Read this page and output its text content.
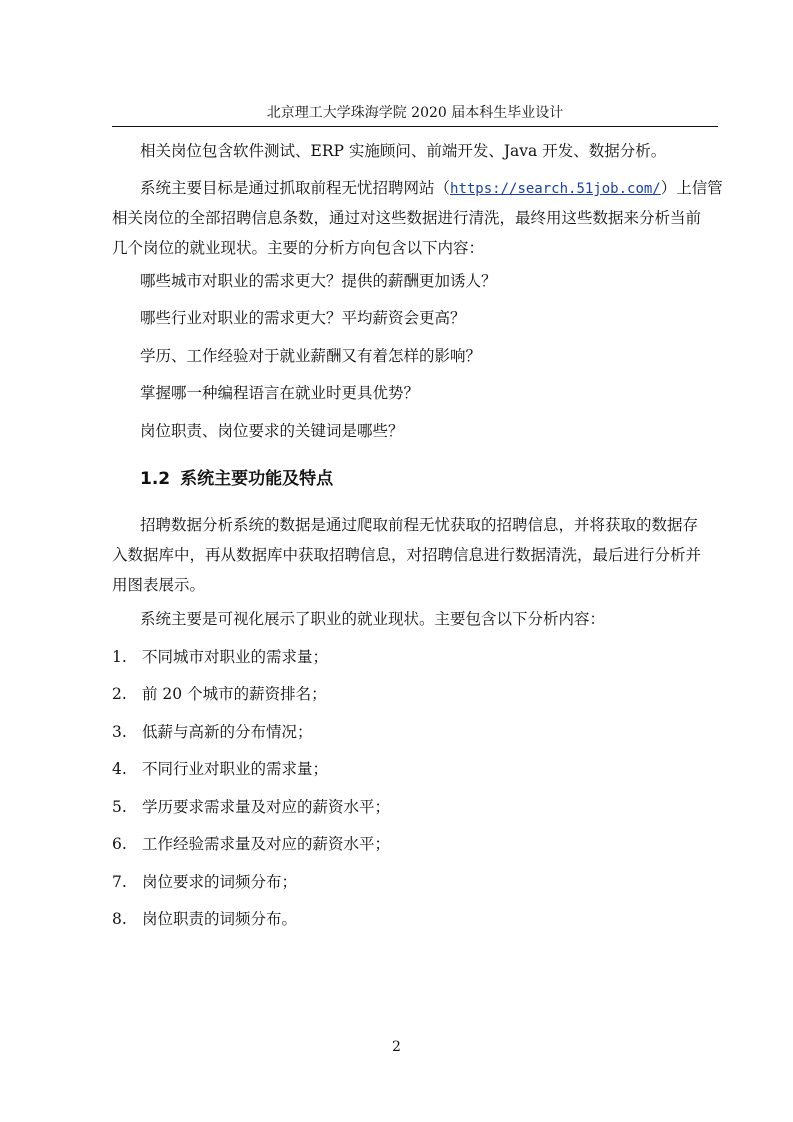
北京理工大学珠海学院 2020 届本科生毕业设计
相关岗位包含软件测试、ERP 实施顾问、前端开发、Java 开发、数据分析。
系统主要目标是通过抓取前程无忧招聘网站（https://search.51job.com/）上信管
相关岗位的全部招聘信息条数，通过对这些数据进行清洗，最终用这些数据来分析当前
几个岗位的就业现状。主要的分析方向包含以下内容：
哪些城市对职业的需求更大？提供的薪酬更加诱人？
哪些行业对职业的需求更大？平均薪资会更高？
学历、工作经验对于就业薪酬又有着怎样的影响？
掌握哪一种编程语言在就业时更具优势？
岗位职责、岗位要求的关键词是哪些？
1.2 系统主要功能及特点
招聘数据分析系统的数据是通过爬取前程无忧获取的招聘信息，并将获取的数据存
入数据库中，再从数据库中获取招聘信息，对招聘信息进行数据清洗，最后进行分析并
用图表展示。
系统主要是可视化展示了职业的就业现状。主要包含以下分析内容：
1. 不同城市对职业的需求量；
2. 前 20 个城市的薪资排名；
3. 低薪与高新的分布情况；
4. 不同行业对职业的需求量；
5. 学历要求需求量及对应的薪资水平；
6. 工作经验需求量及对应的薪资水平；
7. 岗位要求的词频分布；
8. 岗位职责的词频分布。
2
